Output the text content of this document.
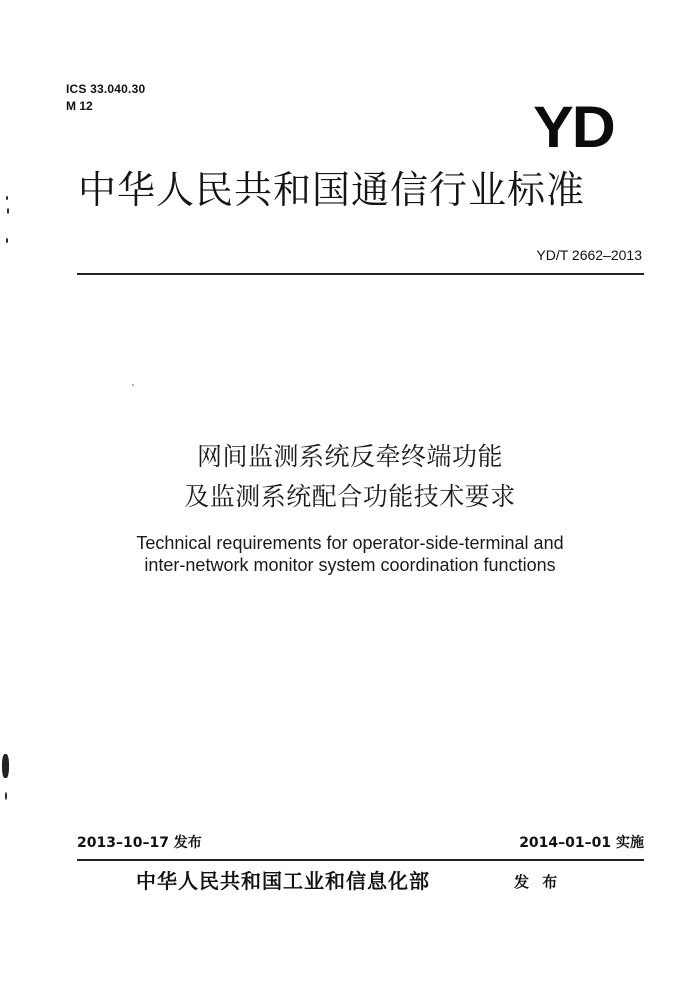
ICS 33.040.30
M 12	YD
中华人民共和国通信行业标准
YD/T 2662–2013
网间监测系统反牵终端功能
及监测系统配合功能技术要求
Technical requirements for operator-side-terminal and
inter-network monitor system coordination functions
2013–10–17 发布	2014–01–01 实施
中华人民共和国工业和信息化部	发 布
